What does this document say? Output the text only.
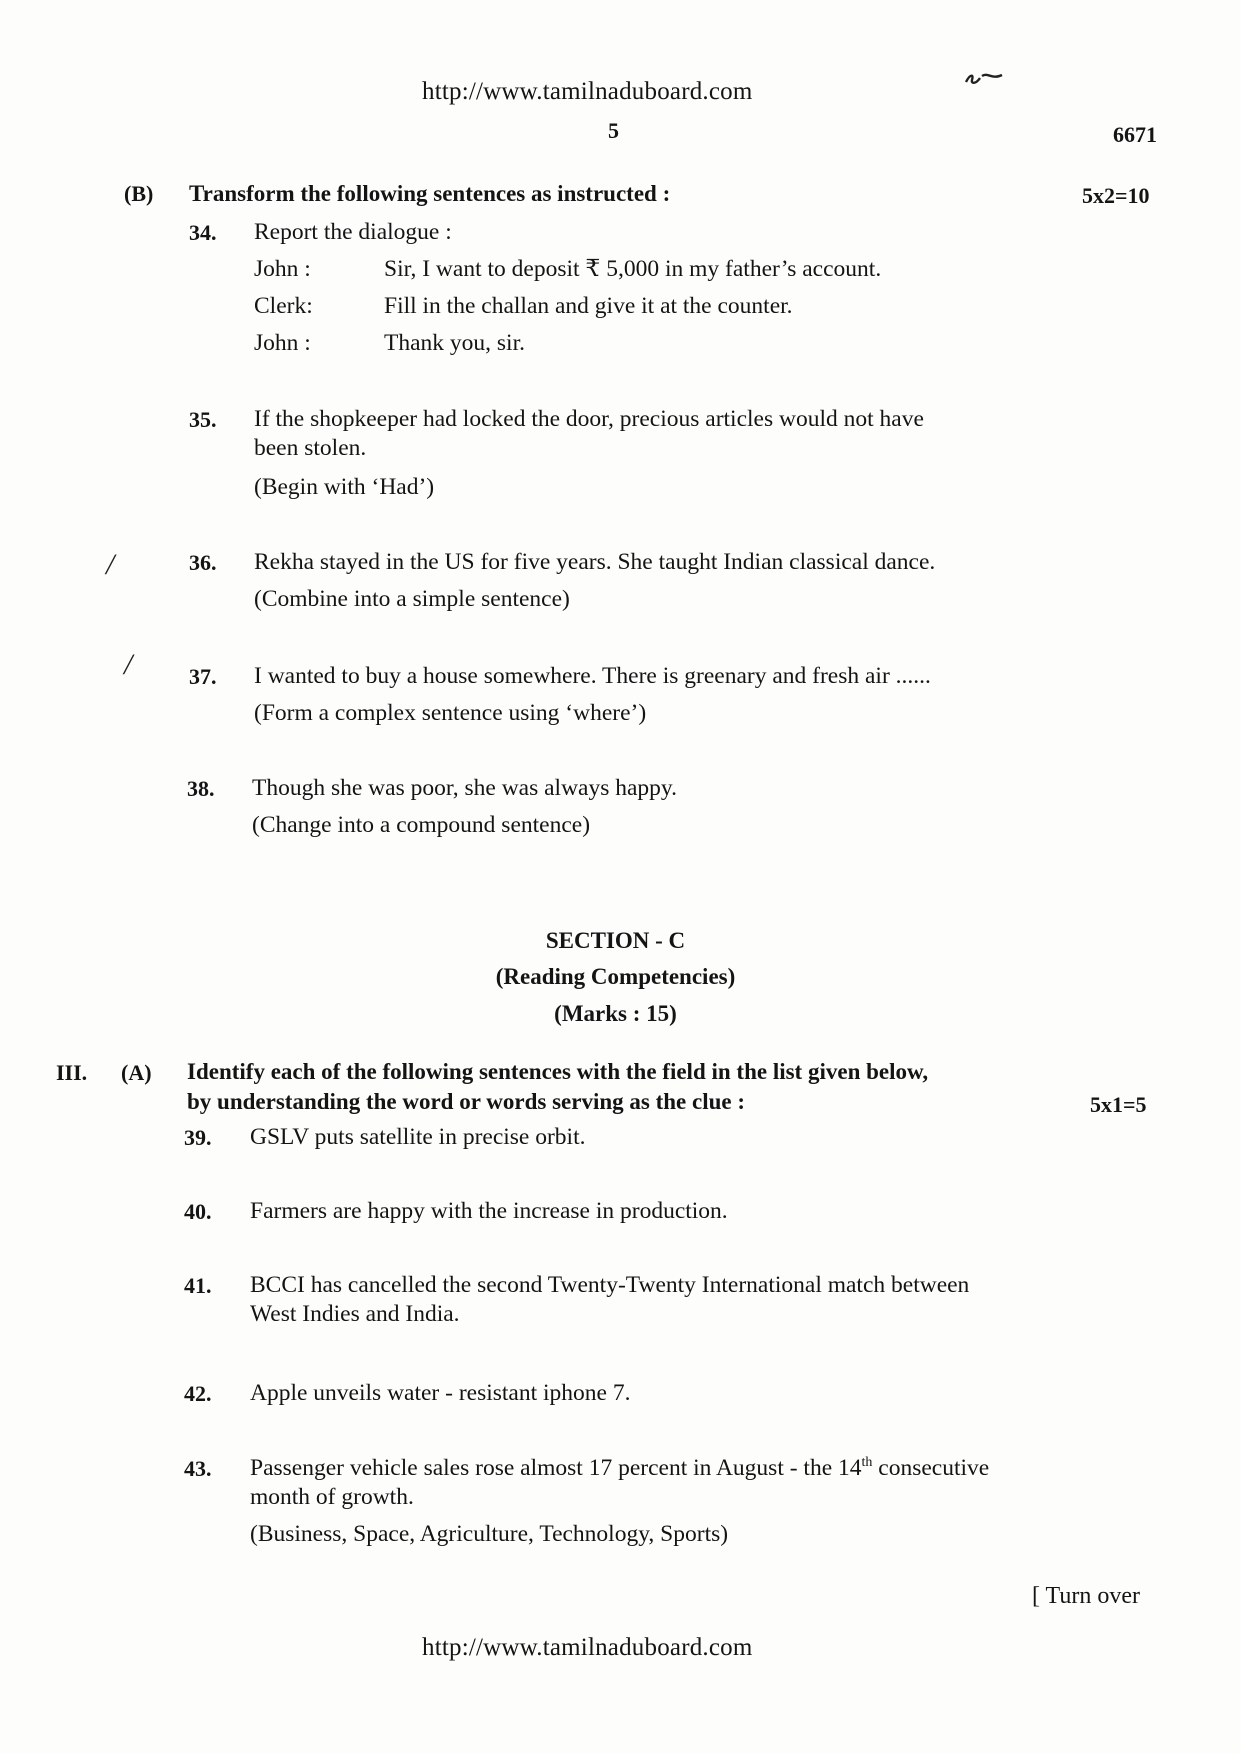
http://www.tamilnaduboard.com
5	6671
(B) Transform the following sentences as instructed :	5x2=10
34. Report the dialogue :
John :	Sir, I want to deposit ₹ 5,000 in my father’s account.
Clerk:	Fill in the challan and give it at the counter.
John :	Thank you, sir.
35. If the shopkeeper had locked the door, precious articles would not have
been stolen.
(Begin with ‘Had’)
/	36. Rekha stayed in the US for five years. She taught Indian classical dance.
(Combine into a simple sentence)
/	37. I wanted to buy a house somewhere. There is greenary and fresh air ......
(Form a complex sentence using ‘where’)
38. Though she was poor, she was always happy.
(Change into a compound sentence)
SECTION - C
(Reading Competencies)
(Marks : 15)
III. (A) Identify each of the following sentences with the field in the list given below,
by understanding the word or words serving as the clue :	5x1=5
39. GSLV puts satellite in precise orbit.
40. Farmers are happy with the increase in production.
41. BCCI has cancelled the second Twenty-Twenty International match between
West Indies and India.
42. Apple unveils water - resistant iphone 7.
43. Passenger vehicle sales rose almost 17 percent in August - the 14th consecutive
month of growth.
(Business, Space, Agriculture, Technology, Sports)
[ Turn over
http://www.tamilnaduboard.com
